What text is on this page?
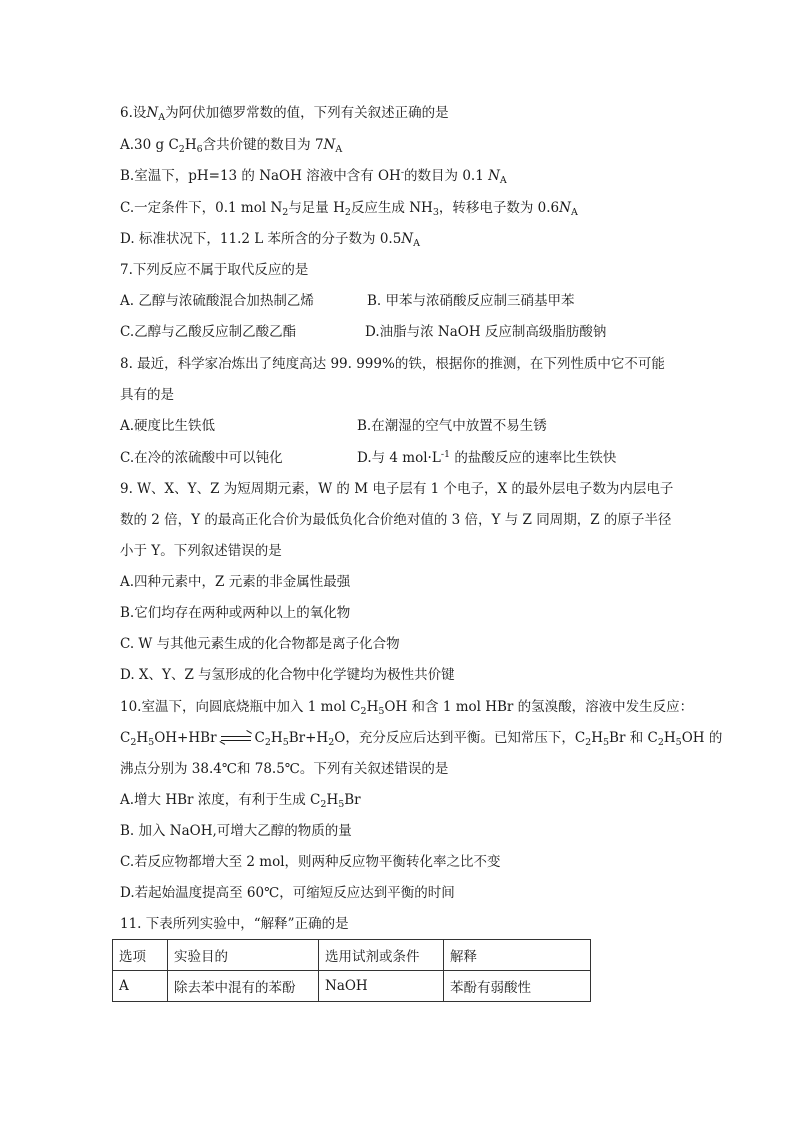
6.设$N_A$为阿伏加德罗常数的值，下列有关叙述正确的是
A.30 g $C_2H_6$含共价键的数目为 $7N_A$
B.室温下，pH=13 的 NaOH 溶液中含有 OH-的数目为 0.1 $N_A$
C.一定条件下，0.1 mol $N_2$与足量 $H_2$反应生成 $NH_3$，转移电子数为 $0.6N_A$
D. 标准状况下，11.2 L 苯所含的分子数为 $0.5N_A$
7.下列反应不属于取代反应的是
A. 乙醇与浓硫酸混合加热制乙烯	B. 甲苯与浓硝酸反应制三硝基甲苯
C.乙醇与乙酸反应制乙酸乙酯	D.油脂与浓 NaOH 反应制高级脂肪酸钠
8. 最近，科学家冶炼出了纯度高达 99. 999%的铁，根据你的推测，在下列性质中它不可能
具有的是
A.硬度比生铁低	B.在潮湿的空气中放置不易生锈
C.在冷的浓硫酸中可以钝化	D.与 4 $mol\cdot L^{-1}$ 的盐酸反应的速率比生铁快
9. W、X、Y、Z 为短周期元素，W 的 M 电子层有 1 个电子，X 的最外层电子数为内层电子
数的 2 倍，Y 的最高正化合价为最低负化合价绝对值的 3 倍，Y 与 Z 同周期，Z 的原子半径
小于 Y。下列叙述错误的是
A.四种元素中，Z 元素的非金属性最强
B.它们均存在两种或两种以上的氧化物
C. W 与其他元素生成的化合物都是离子化合物
D. X、Y、Z 与氢形成的化合物中化学键均为极性共价键
10.室温下，向圆底烧瓶中加入 1 mol $C_2H_5OH$ 和含 1 mol HBr 的氢溴酸，溶液中发生反应：
$C_2H_5OH+HBr$	$C_2H_5Br+H_2O$，充分反应后达到平衡。已知常压下，$C_2H_5Br$ 和 $C_2H_5OH$ 的
沸点分别为 38.4℃和 78.5℃。下列有关叙述错误的是
A.增大 HBr 浓度，有利于生成 $C_2H_5Br$
B. 加入 NaOH,可增大乙醇的物质的量
C.若反应物都增大至 2 mol，则两种反应物平衡转化率之比不变
D.若起始温度提高至 60℃，可缩短反应达到平衡的时间
11. 下表所列实验中，“解释”正确的是
选项	实验目的	选用试剂或条件	解释
A	除去苯中混有的苯酚	NaOH	苯酚有弱酸性
